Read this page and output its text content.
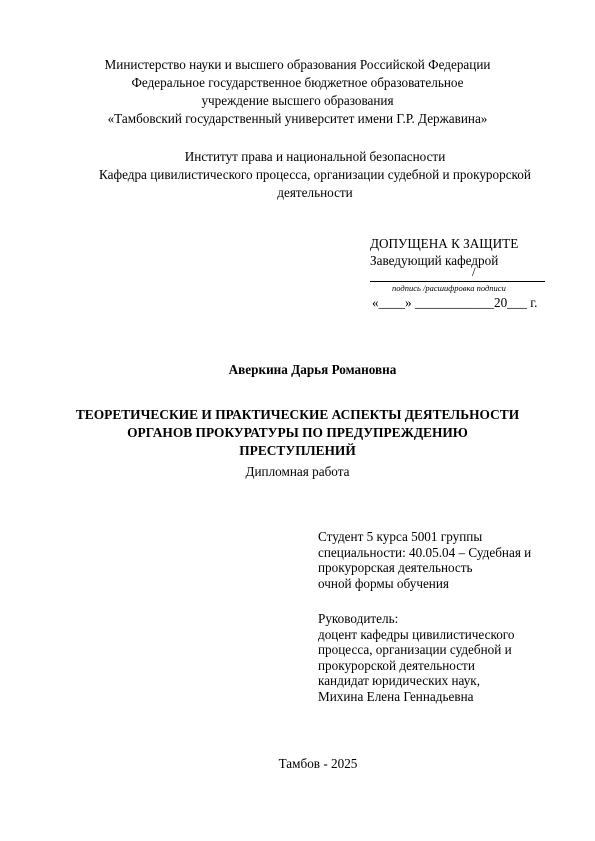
Министерство науки и высшего образования Российской Федерации
Федеральное государственное бюджетное образовательное
учреждение высшего образования
«Тамбовский государственный университет имени Г.Р. Державина»
Институт права и национальной безопасности
Кафедра цивилистического процесса, организации судебной и прокурорской
деятельности
ДОПУЩЕНА К ЗАЩИТЕ
Заведующий кафедрой
/
подпись /расшифровка подписи
«____» ____________20___ г.
Аверкина Дарья Романовна
ТЕОРЕТИЧЕСКИЕ И ПРАКТИЧЕСКИЕ АСПЕКТЫ ДЕЯТЕЛЬНОСТИ
ОРГАНОВ ПРОКУРАТУРЫ ПО ПРЕДУПРЕЖДЕНИЮ
ПРЕСТУПЛЕНИЙ
Дипломная работа
Студент 5 курса 5001 группы
специальности: 40.05.04 – Судебная и
прокурорская деятельность
очной формы обучения
Руководитель:
доцент кафедры цивилистического
процесса, организации судебной и
прокурорской деятельности
кандидат юридических наук,
Михина Елена Геннадьевна
Тамбов - 2025
